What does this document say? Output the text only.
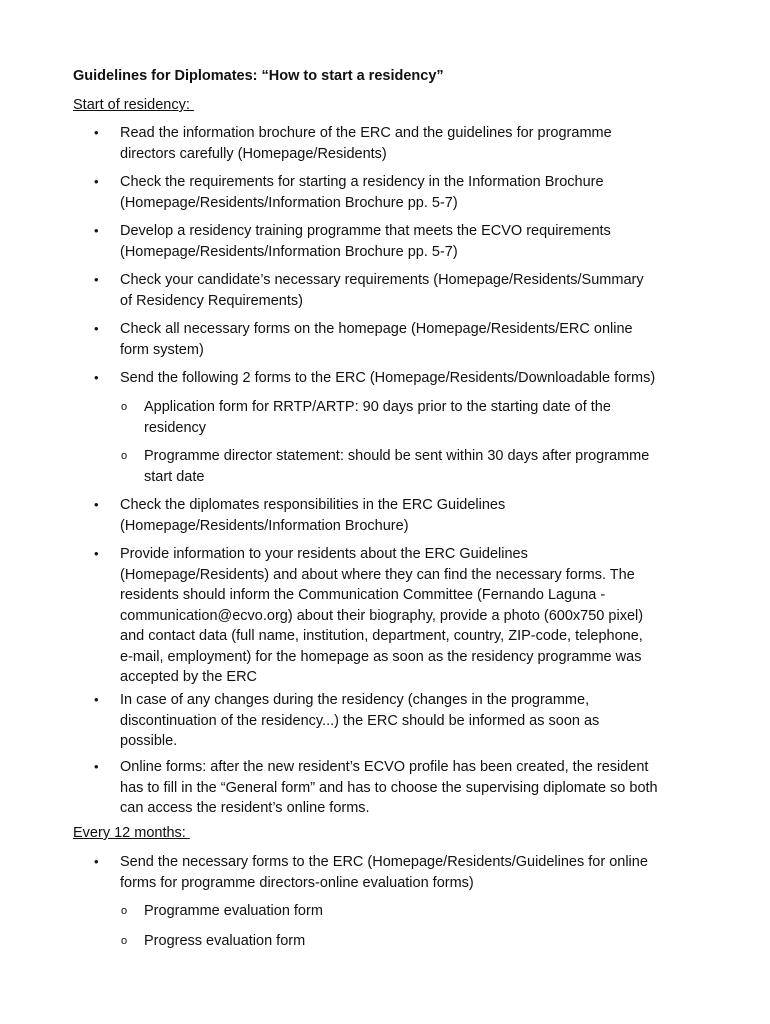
Guidelines for Diplomates: “How to start a residency”
Start of residency:
• Read the information brochure of the ERC and the guidelines for programme
directors carefully (Homepage/Residents)
• Check the requirements for starting a residency in the Information Brochure
(Homepage/Residents/Information Brochure pp. 5-7)
• Develop a residency training programme that meets the ECVO requirements
(Homepage/Residents/Information Brochure pp. 5-7)
• Check your candidate’s necessary requirements (Homepage/Residents/Summary
of Residency Requirements)
• Check all necessary forms on the homepage (Homepage/Residents/ERC online
form system)
• Send the following 2 forms to the ERC (Homepage/Residents/Downloadable forms)
o Application form for RRTP/ARTP: 90 days prior to the starting date of the
residency
o Programme director statement: should be sent within 30 days after programme
start date
• Check the diplomates responsibilities in the ERC Guidelines
(Homepage/Residents/Information Brochure)
• Provide information to your residents about the ERC Guidelines
(Homepage/Residents) and about where they can find the necessary forms. The
residents should inform the Communication Committee (Fernando Laguna -
communication@ecvo.org) about their biography, provide a photo (600x750 pixel)
and contact data (full name, institution, department, country, ZIP-code, telephone,
e-mail, employment) for the homepage as soon as the residency programme was
accepted by the ERC
• In case of any changes during the residency (changes in the programme,
discontinuation of the residency...) the ERC should be informed as soon as
possible.
• Online forms: after the new resident’s ECVO profile has been created, the resident
has to fill in the “General form” and has to choose the supervising diplomate so both
can access the resident’s online forms.
Every 12 months:
• Send the necessary forms to the ERC (Homepage/Residents/Guidelines for online
forms for programme directors-online evaluation forms)
o Programme evaluation form
o Progress evaluation form
